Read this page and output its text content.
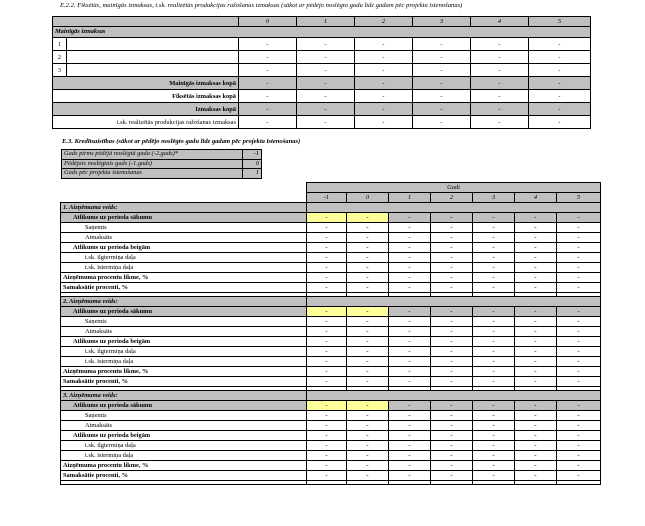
E.2.2. Fiksētās, mainīgās izmaksas, t.sk. realizētās produkcijas ražošanas izmaksas (sākot ar pēdējo noslēgto gadu līdz gadam pēc projekta īstenošanas)
		0	1	2	3	4	5
Mainīgās izmaksas							
1		-	-	-	-	-	-
2		-	-	-	-	-	-
3		-	-	-	-	-	-
Mainīgās izmaksas kopā		-	-	-	-	-	-
Fiksētās izmaksas kopā		-	-	-	-	-	-
Izmaksas kopā		-	-	-	-	-	-
t.sk. realizētās produkcijas ražošanas izmaksas		-	-	-	-	-	-
E.3. Kredītsaistības (sākot ar pēdējo noslēgto gadu līdz gadam pēc projekta īstenošanas)
Gads pirms pēdējā noslēgtā gada (-2.gads)*	-1
Pēdējais noslēgtais gads (-1.gads)	0
Gads pēc projekta īstenošanas	1
	Gadi						
	-1	0	1	2	3	4	5
1. Aizņēmuma veids:							
Atlikums uz perioda sākumu	-	-	-	-	-	-	-
Saņemts	-	-	-	-	-	-	-
Atmaksāts	-	-	-	-	-	-	-
Atlikums uz perioda beigām	-	-	-	-	-	-	-
t.sk. ilgtermiņa daļa	-	-	-	-	-	-	-
t.sk. īstermiņa daļa	-	-	-	-	-	-	-
Aizņēmuma procentu likme, %	-	-	-	-	-	-	-
Samaksātie procenti, %	-	-	-	-	-	-	-

2. Aizņēmuma veids:							
Atlikums uz perioda sākumu	-	-	-	-	-	-	-
Saņemts	-	-	-	-	-	-	-
Atmaksāts	-	-	-	-	-	-	-
Atlikums uz perioda beigām	-	-	-	-	-	-	-
t.sk. ilgtermiņa daļa	-	-	-	-	-	-	-
t.sk. īstermiņa daļa	-	-	-	-	-	-	-
Aizņēmuma procentu likme, %	-	-	-	-	-	-	-
Samaksātie procenti, %	-	-	-	-	-	-	-

3. Aizņēmuma veids:							
Atlikums uz perioda sākumu	-	-	-	-	-	-	-
Saņemts	-	-	-	-	-	-	-
Atmaksāts	-	-	-	-	-	-	-
Atlikums uz perioda beigām	-	-	-	-	-	-	-
t.sk. ilgtermiņa daļa	-	-	-	-	-	-	-
t.sk. īstermiņa daļa	-	-	-	-	-	-	-
Aizņēmuma procentu likme, %	-	-	-	-	-	-	-
Samaksātie procenti, %	-	-	-	-	-	-	-
